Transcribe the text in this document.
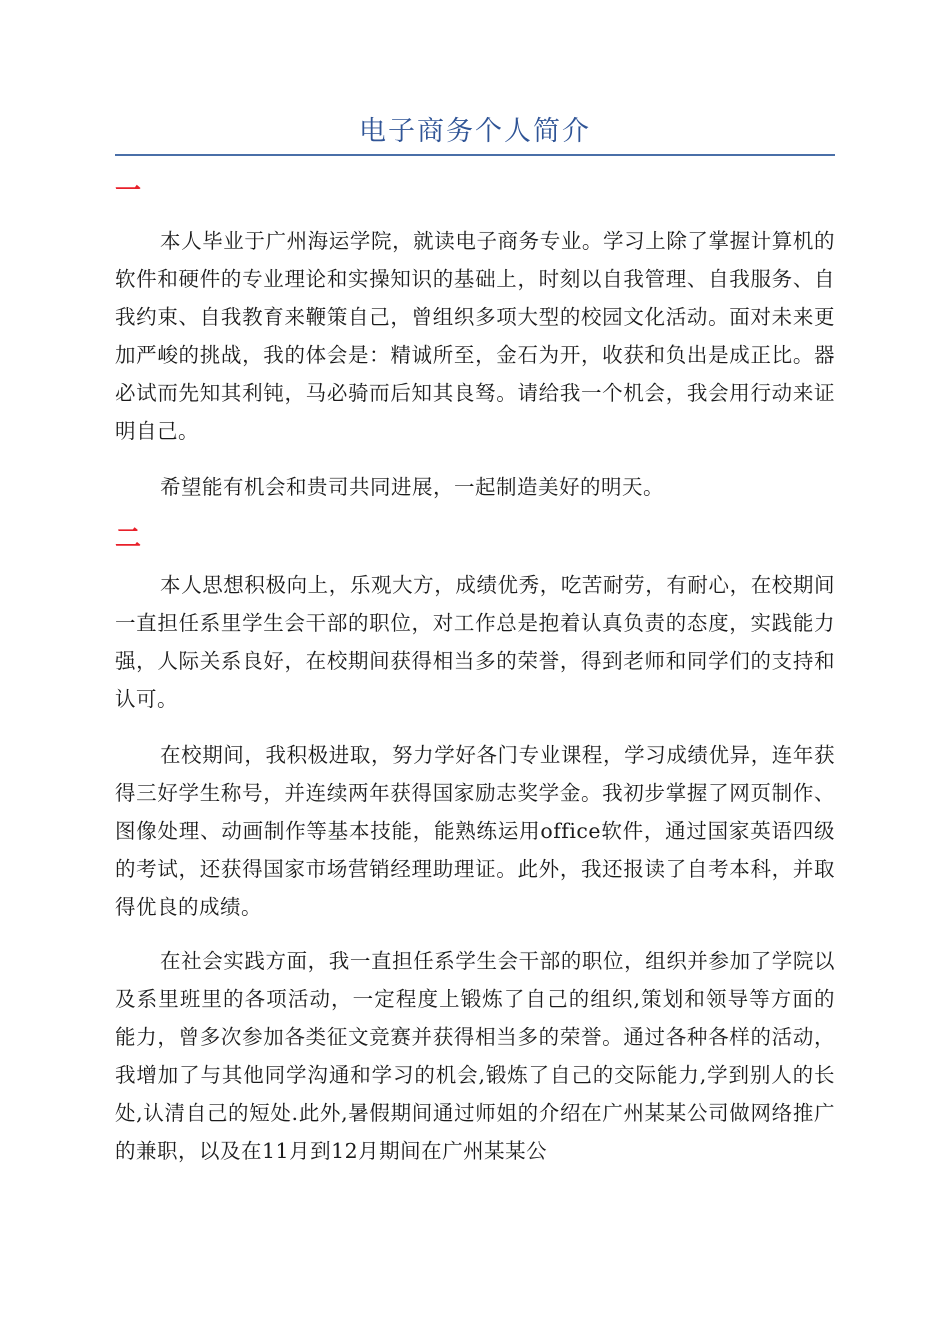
电子商务个人简介
一

本人毕业于广州海运学院，就读电子商务专业。学习上除了掌握计算机的软件和硬件的专业理论和实操知识的基础上，时刻以自我管理、自我服务、自我约束、自我教育来鞭策自己，曾组织多项大型的校园文化活动。面对未来更加严峻的挑战，我的体会是：精诚所至，金石为开，收获和负出是成正比。器必试而先知其利钝，马必骑而后知其良驽。请给我一个机会，我会用行动来证明自己。

希望能有机会和贵司共同进展，一起制造美好的明天。

二

本人思想积极向上，乐观大方，成绩优秀，吃苦耐劳，有耐心，在校期间一直担任系里学生会干部的职位，对工作总是抱着认真负责的态度，实践能力强，人际关系良好，在校期间获得相当多的荣誉，得到老师和同学们的支持和认可。

在校期间，我积极进取，努力学好各门专业课程，学习成绩优异，连年获得三好学生称号，并连续两年获得国家励志奖学金。我初步掌握了网页制作、图像处理、动画制作等基本技能，能熟练运用office软件，通过国家英语四级的考试，还获得国家市场营销经理助理证。此外，我还报读了自考本科，并取得优良的成绩。

在社会实践方面，我一直担任系学生会干部的职位，组织并参加了学院以及系里班里的各项活动，一定程度上锻炼了自己的组织,策划和领导等方面的能力，曾多次参加各类征文竞赛并获得相当多的荣誉。通过各种各样的活动，我增加了与其他同学沟通和学习的机会,锻炼了自己的交际能力,学到别人的长处,认清自己的短处.此外,暑假期间通过师姐的介绍在广州某某公司做网络推广的兼职，以及在11月到12月期间在广州某某公
